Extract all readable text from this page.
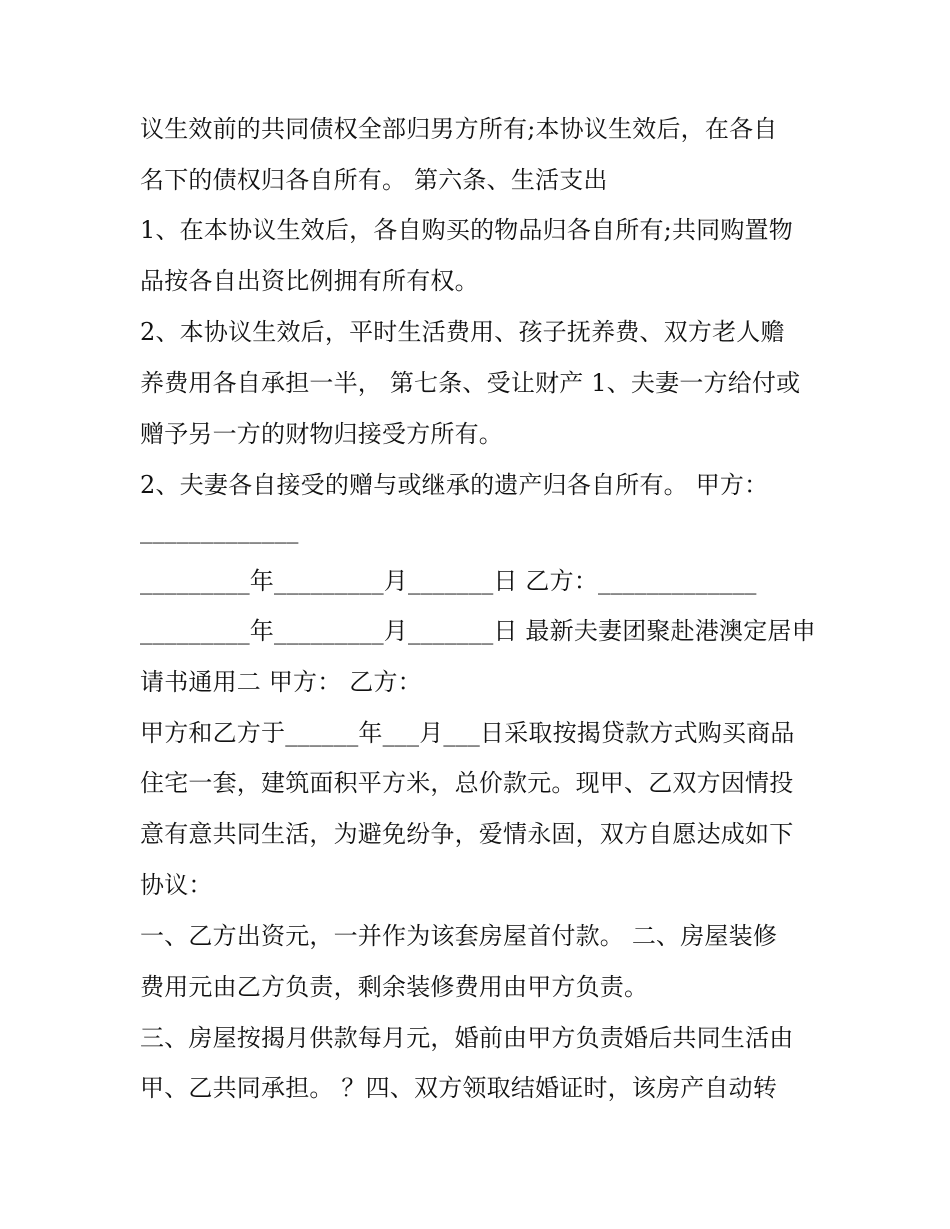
议生效前的共同债权全部归男方所有;本协议生效后，在各自
名下的债权归各自所有。 第六条、生活支出
1、在本协议生效后，各自购买的物品归各自所有;共同购置物
品按各自出资比例拥有所有权。
2、本协议生效后，平时生活费用、孩子抚养费、双方老人赡
养费用各自承担一半， 第七条、受让财产 1、夫妻一方给付或
赠予另一方的财物归接受方所有。
2、夫妻各自接受的赠与或继承的遗产归各自所有。 甲方：
_____________
_________年_________月_______日 乙方：_____________
_________年_________月_______日 最新夫妻团聚赴港澳定居申
请书通用二 甲方： 乙方：
甲方和乙方于______年___月___日采取按揭贷款方式购买商品
住宅一套，建筑面积平方米，总价款元。现甲、乙双方因情投
意有意共同生活，为避免纷争，爱情永固，双方自愿达成如下
协议：
一、乙方出资元，一并作为该套房屋首付款。 二、房屋装修
费用元由乙方负责，剩余装修费用由甲方负责。
三、房屋按揭月供款每月元，婚前由甲方负责婚后共同生活由
甲、乙共同承担。 ？四、双方领取结婚证时，该房产自动转
